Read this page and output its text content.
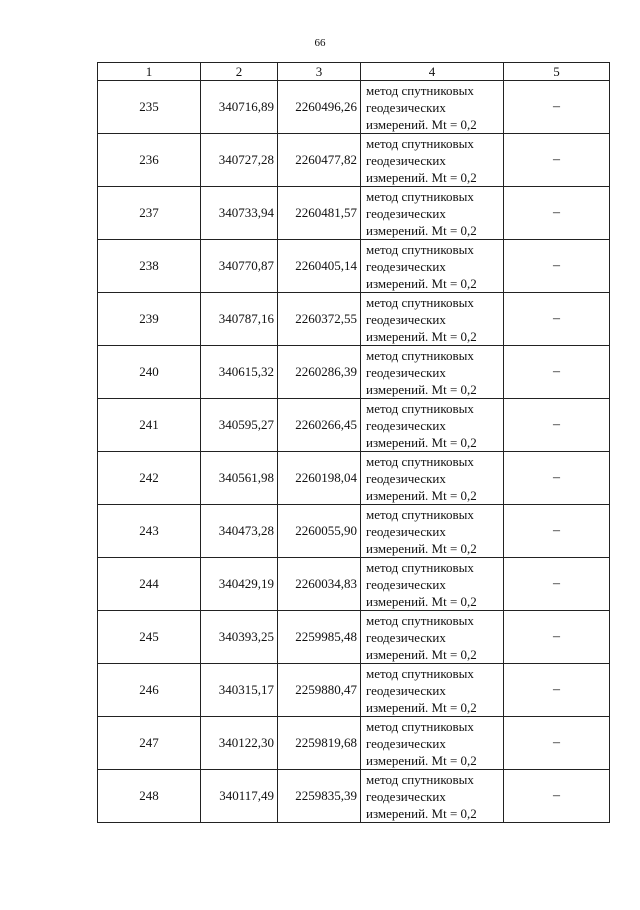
66
1	2	3	4	5
235	340716,89	2260496,26	метод спутниковых
геодезических
измерений. Mt = 0,2	–
236	340727,28	2260477,82	метод спутниковых
геодезических
измерений. Mt = 0,2	–
237	340733,94	2260481,57	метод спутниковых
геодезических
измерений. Mt = 0,2	–
238	340770,87	2260405,14	метод спутниковых
геодезических
измерений. Mt = 0,2	–
239	340787,16	2260372,55	метод спутниковых
геодезических
измерений. Mt = 0,2	–
240	340615,32	2260286,39	метод спутниковых
геодезических
измерений. Mt = 0,2	–
241	340595,27	2260266,45	метод спутниковых
геодезических
измерений. Mt = 0,2	–
242	340561,98	2260198,04	метод спутниковых
геодезических
измерений. Mt = 0,2	–
243	340473,28	2260055,90	метод спутниковых
геодезических
измерений. Mt = 0,2	–
244	340429,19	2260034,83	метод спутниковых
геодезических
измерений. Mt = 0,2	–
245	340393,25	2259985,48	метод спутниковых
геодезических
измерений. Mt = 0,2	–
246	340315,17	2259880,47	метод спутниковых
геодезических
измерений. Mt = 0,2	–
247	340122,30	2259819,68	метод спутниковых
геодезических
измерений. Mt = 0,2	–
248	340117,49	2259835,39	метод спутниковых
геодезических
измерений. Mt = 0,2	–
